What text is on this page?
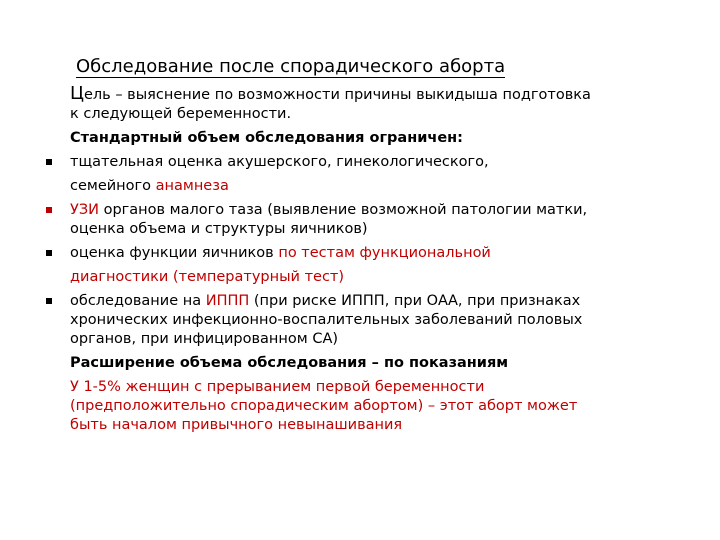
Обследование после спорадического аборта
Цель – выяснение по возможности причины выкидыша подготовка
к следующей беременности.
Стандартный объем обследования ограничен:
тщательная оценка акушерского, гинекологического,
семейного анамнеза
УЗИ органов малого таза (выявление возможной патологии матки,
оценка объема и структуры яичников)
оценка функции яичников по тестам функциональной
диагностики (температурный тест)
обследование на ИППП (при риске ИППП, при ОАА, при признаках
хронических инфекционно-воспалительных заболеваний половых
органов, при инфицированном СА)
Расширение объема обследования – по показаниям
У 1-5% женщин с прерыванием первой беременности
(предположительно спорадическим абортом) – этот аборт может
быть началом привычного невынашивания
